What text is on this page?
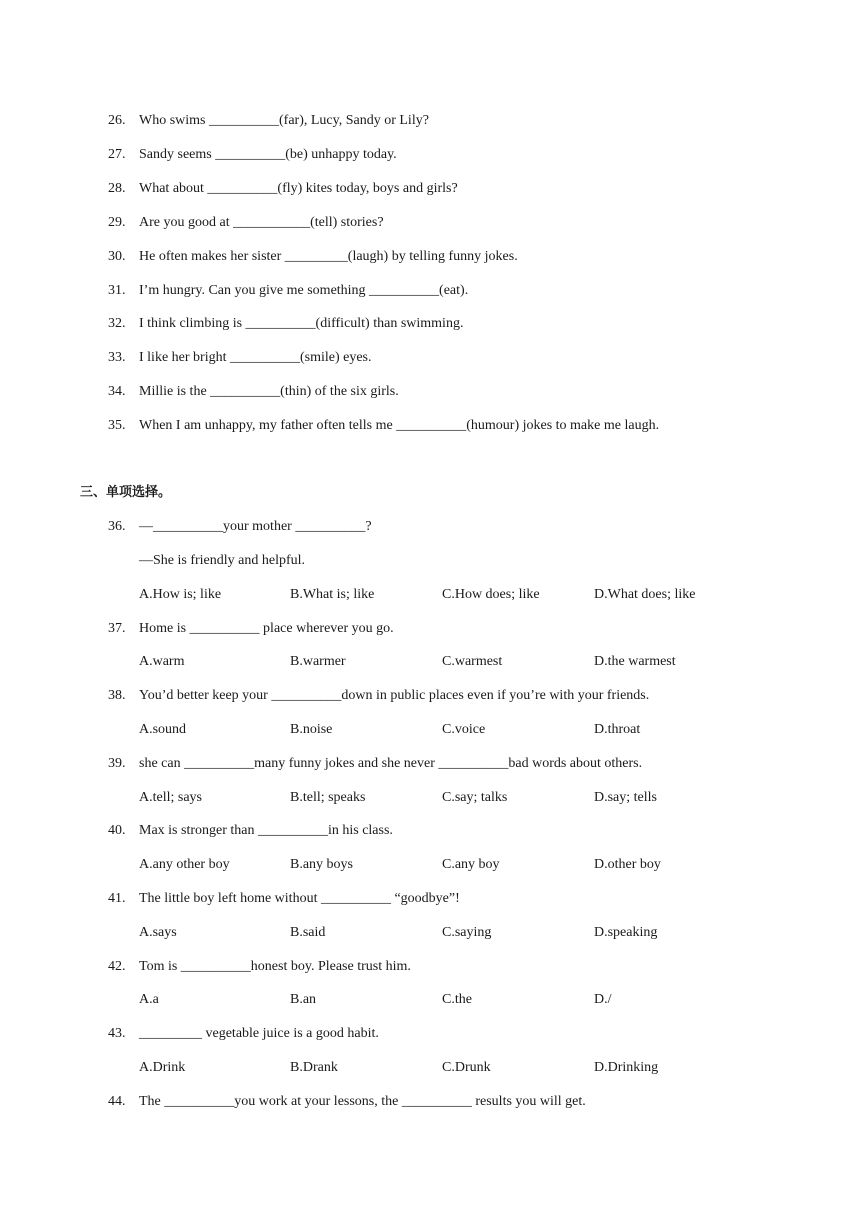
26. Who swims __________(far), Lucy, Sandy or Lily?
27. Sandy seems __________(be) unhappy today.
28. What about __________(fly) kites today, boys and girls?
29. Are you good at ___________(tell) stories?
30. He often makes her sister _________(laugh) by telling funny jokes.
31. I’m hungry. Can you give me something __________(eat).
32. I think climbing is __________(difficult) than swimming.
33. I like her bright __________(smile) eyes.
34. Millie is the __________(thin) of the six girls.
35. When I am unhappy, my father often tells me __________(humour) jokes to make me laugh.
三、单项选择。
36. —__________your mother __________?
—She is friendly and helpful.
A.How is; like	B.What is; like	C.How does; like	D.What does; like
37. Home is __________ place wherever you go.
A.warm	B.warmer	C.warmest	D.the warmest
38. You’d better keep your __________down in public places even if you’re with your friends.
A.sound	B.noise	C.voice	D.throat
39. she can __________many funny jokes and she never __________bad words about others.
A.tell; says	B.tell; speaks	C.say; talks	D.say; tells
40. Max is stronger than __________in his class.
A.any other boy	B.any boys	C.any boy	D.other boy
41. The little boy left home without __________ “goodbye”!
A.says	B.said	C.saying	D.speaking
42. Tom is __________honest boy. Please trust him.
A.a	B.an	C.the	D./
43. _________ vegetable juice is a good habit.
A.Drink	B.Drank	C.Drunk	D.Drinking
44. The __________you work at your lessons, the __________ results you will get.
